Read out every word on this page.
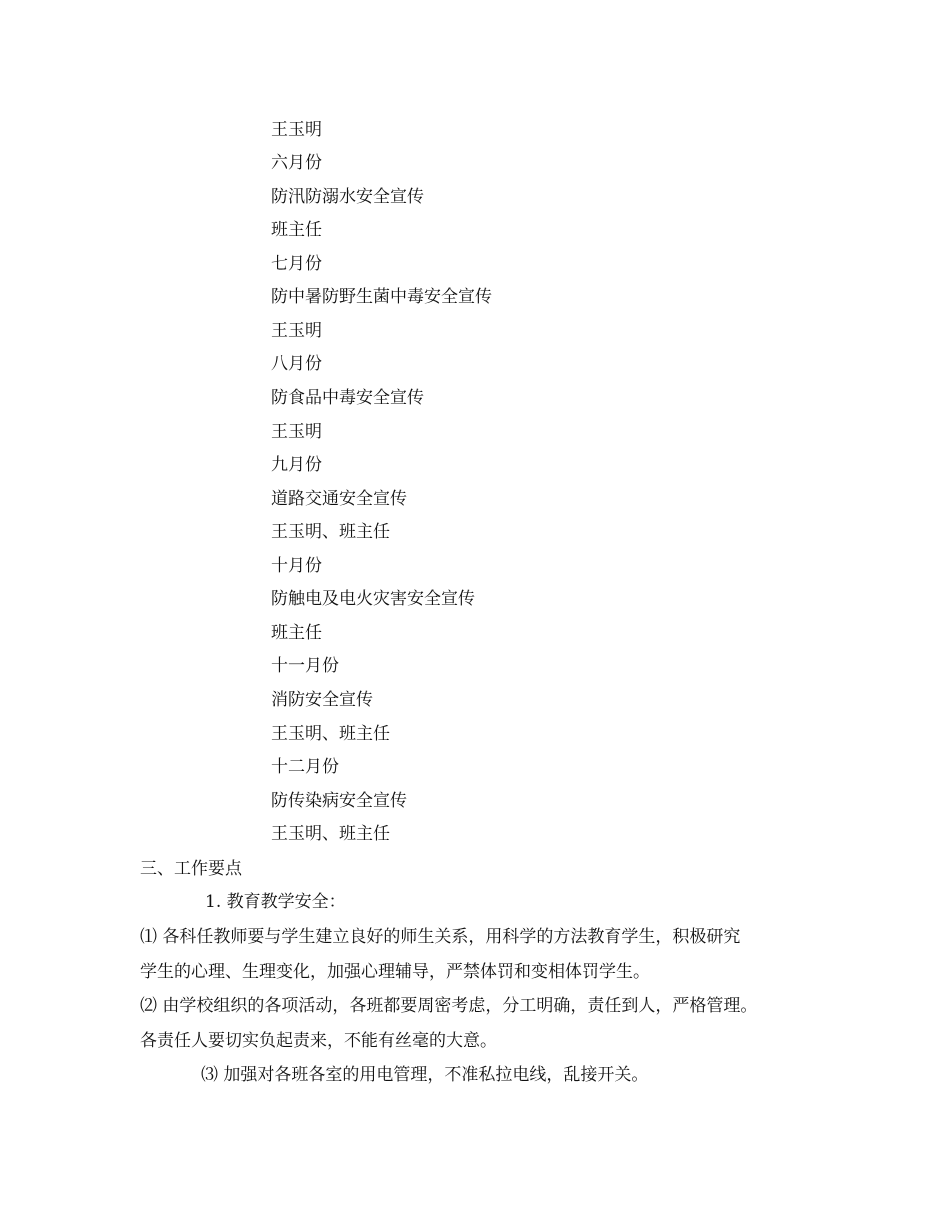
王玉明
六月份
防汛防溺水安全宣传
班主任
七月份
防中暑防野生菌中毒安全宣传
王玉明
八月份
防食品中毒安全宣传
王玉明
九月份
道路交通安全宣传
王玉明、班主任
十月份
防触电及电火灾害安全宣传
班主任
十一月份
消防安全宣传
王玉明、班主任
十二月份
防传染病安全宣传
王玉明、班主任
三、工作要点
1. 教育教学安全：
⑴ 各科任教师要与学生建立良好的师生关系，用科学的方法教育学生，积极研究
学生的心理、生理变化，加强心理辅导，严禁体罚和变相体罚学生。
⑵ 由学校组织的各项活动，各班都要周密考虑，分工明确，责任到人，严格管理。
各责任人要切实负起责来，不能有丝毫的大意。
⑶ 加强对各班各室的用电管理，不准私拉电线，乱接开关。
